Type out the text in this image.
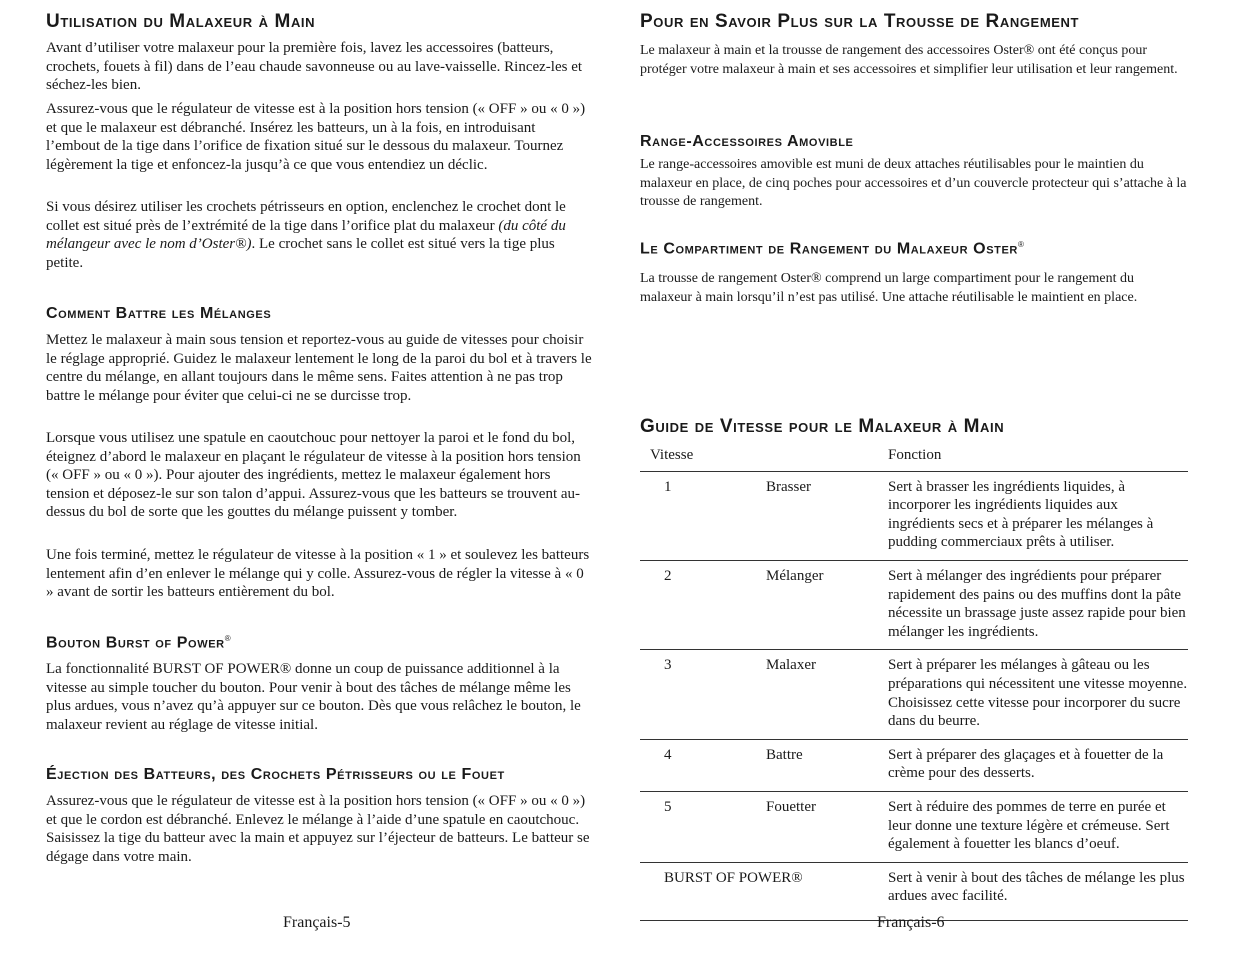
Utilisation du Malaxeur à Main

Avant d’utiliser votre malaxeur pour la première fois, lavez les accessoires (batteurs, crochets, fouets à fil) dans de l’eau chaude savonneuse ou au lave-vaisselle. Rincez-les et séchez-les bien.

Assurez-vous que le régulateur de vitesse est à la position hors tension (« OFF » ou « 0 ») et que le malaxeur est débranché. Insérez les batteurs, un à la fois, en introduisant l’embout de la tige dans l’orifice de fixation situé sur le dessous du malaxeur. Tournez légèrement la tige et enfoncez-la jusqu’à ce que vous entendiez un déclic.

Si vous désirez utiliser les crochets pétrisseurs en option, enclenchez le crochet dont le collet est situé près de l’extrémité de la tige dans l’orifice plat du malaxeur (du côté du mélangeur avec le nom d’Oster®). Le crochet sans le collet est situé vers la tige plus petite.

Comment Battre les Mélanges

Mettez le malaxeur à main sous tension et reportez-vous au guide de vitesses pour choisir le réglage approprié. Guidez le malaxeur lentement le long de la paroi du bol et à travers le centre du mélange, en allant toujours dans le même sens. Faites attention à ne pas trop battre le mélange pour éviter que celui-ci ne se durcisse trop.

Lorsque vous utilisez une spatule en caoutchouc pour nettoyer la paroi et le fond du bol, éteignez d’abord le malaxeur en plaçant le régulateur de vitesse à la position hors tension (« OFF » ou « 0 »). Pour ajouter des ingrédients, mettez le malaxeur également hors tension et déposez-le sur son talon d’appui. Assurez-vous que les batteurs se trouvent au-dessus du bol de sorte que les gouttes du mélange puissent y tomber.

Une fois terminé, mettez le régulateur de vitesse à la position « 1 » et soulevez les batteurs lentement afin d’en enlever le mélange qui y colle. Assurez-vous de régler la vitesse à « 0 » avant de sortir les batteurs entièrement du bol.

Bouton Burst of Power®

La fonctionnalité BURST OF POWER® donne un coup de puissance additionnel à la vitesse au simple toucher du bouton. Pour venir à bout des tâches de mélange même les plus ardues, vous n’avez qu’à appuyer sur ce bouton. Dès que vous relâchez le bouton, le malaxeur revient au réglage de vitesse initial.

Éjection des Batteurs, des Crochets Pétrisseurs ou le Fouet

Assurez-vous que le régulateur de vitesse est à la position hors tension (« OFF » ou « 0 ») et que le cordon est débranché. Enlevez le mélange à l’aide d’une spatule en caoutchouc. Saisissez la tige du batteur avec la main et appuyez sur l’éjecteur de batteurs. Le batteur se dégage dans votre main.

Français-5
Pour en Savoir Plus sur la Trousse de Rangement

Le malaxeur à main et la trousse de rangement des accessoires Oster® ont été conçus pour protéger votre malaxeur à main et ses accessoires et simplifier leur utilisation et leur rangement.

Range-Accessoires Amovible

Le range-accessoires amovible est muni de deux attaches réutilisables pour le maintien du malaxeur en place, de cinq poches pour accessoires et d’un couvercle protecteur qui s’attache à la trousse de rangement.

Le Compartiment de Rangement du Malaxeur Oster®

La trousse de rangement Oster® comprend un large compartiment pour le rangement du malaxeur à main lorsqu’il n’est pas utilisé. Une attache réutilisable le maintient en place.

Guide de Vitesse pour le Malaxeur à Main
Vitesse		Fonction
1	Brasser	Sert à brasser les ingrédients liquides, à incorporer les ingrédients liquides aux ingrédients secs et à préparer les mélanges à pudding commerciaux prêts à utiliser.
2	Mélanger	Sert à mélanger des ingrédients pour préparer rapidement des pains ou des muffins dont la pâte nécessite un brassage juste assez rapide pour bien mélanger les ingrédients.
3	Malaxer	Sert à préparer les mélanges à gâteau ou les préparations qui nécessitent une vitesse moyenne. Choisissez cette vitesse pour incorporer du sucre dans du beurre.
4	Battre	Sert à préparer des glaçages et à fouetter de la crème pour des desserts.
5	Fouetter	Sert à réduire des pommes de terre en purée et leur donne une texture légère et crémeuse. Sert également à fouetter les blancs d’oeuf.
BURST OF POWER®		Sert à venir à bout des tâches de mélange les plus ardues avec facilité.
Français-6
